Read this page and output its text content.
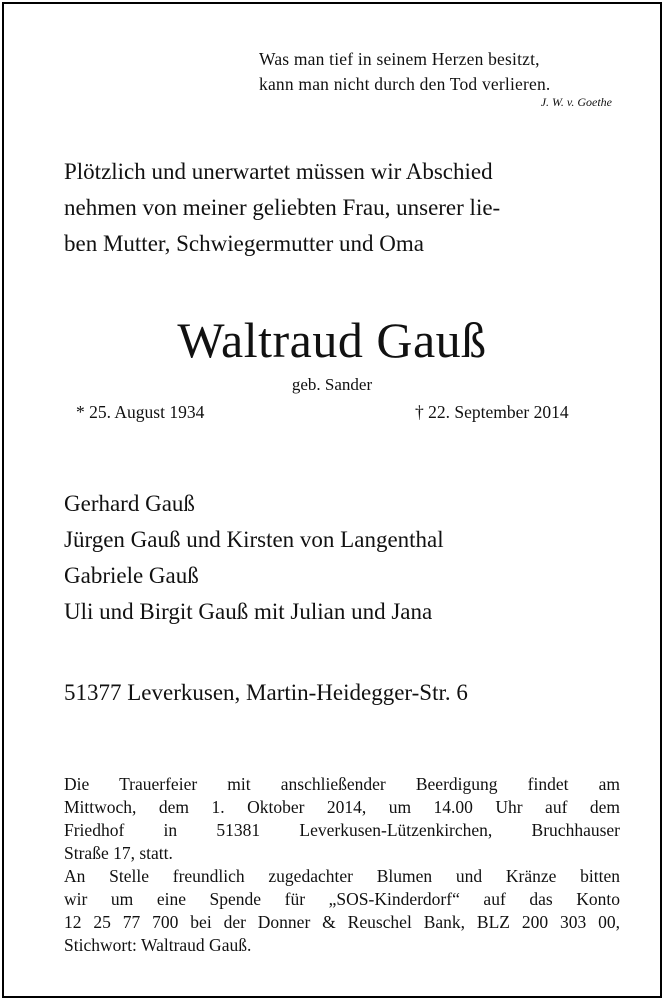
Was man tief in seinem Herzen besitzt,
kann man nicht durch den Tod verlieren.
J. W. v. Goethe
Plötzlich und unerwartet müssen wir Abschied
nehmen von meiner geliebten Frau, unserer lie-
ben Mutter, Schwiegermutter und Oma
Waltraud Gauß
geb. Sander
* 25. August 1934	† 22. September 2014
Gerhard Gauß
Jürgen Gauß und Kirsten von Langenthal
Gabriele Gauß
Uli und Birgit Gauß mit Julian und Jana
51377 Leverkusen, Martin-Heidegger-Str. 6
Die Trauerfeier mit anschließender Beerdigung findet am
Mittwoch, dem 1. Oktober 2014, um 14.00 Uhr auf dem
Friedhof in 51381 Leverkusen-Lützenkirchen, Bruchhauser
Straße 17, statt.
An Stelle freundlich zugedachter Blumen und Kränze bitten
wir um eine Spende für „SOS-Kinderdorf“ auf das Konto
12 25 77 700 bei der Donner & Reuschel Bank, BLZ 200 303 00,
Stichwort: Waltraud Gauß.
